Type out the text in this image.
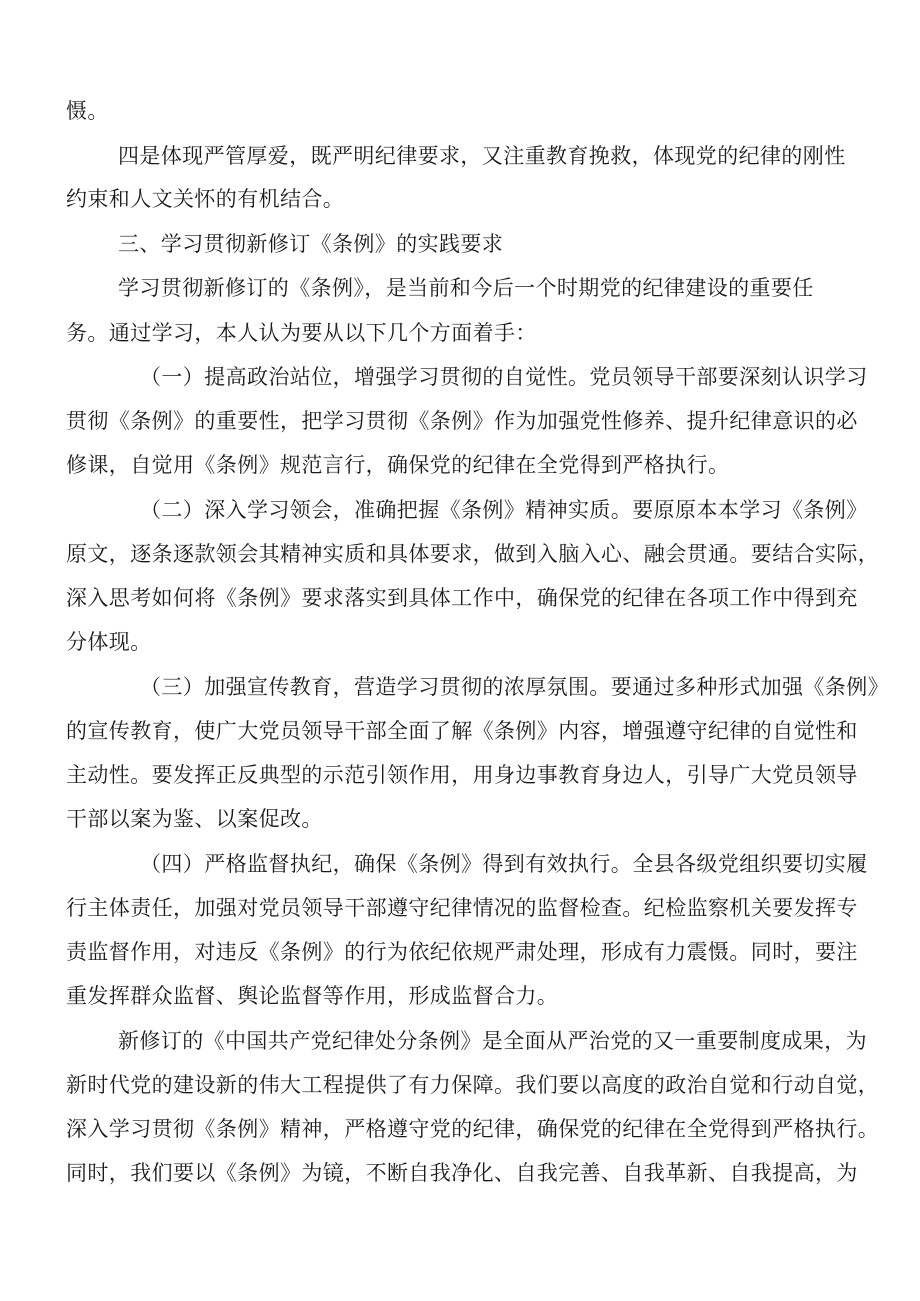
慑。
四是体现严管厚爱，既严明纪律要求，又注重教育挽救，体现党的纪律的刚性
约束和人文关怀的有机结合。
三、学习贯彻新修订《条例》的实践要求
学习贯彻新修订的《条例》，是当前和今后一个时期党的纪律建设的重要任
务。通过学习，本人认为要从以下几个方面着手：
（一）提高政治站位，增强学习贯彻的自觉性。党员领导干部要深刻认识学习
贯彻《条例》的重要性，把学习贯彻《条例》作为加强党性修养、提升纪律意识的必
修课，自觉用《条例》规范言行，确保党的纪律在全党得到严格执行。
（二）深入学习领会，准确把握《条例》精神实质。要原原本本学习《条例》
原文，逐条逐款领会其精神实质和具体要求，做到入脑入心、融会贯通。要结合实际，
深入思考如何将《条例》要求落实到具体工作中，确保党的纪律在各项工作中得到充
分体现。
（三）加强宣传教育，营造学习贯彻的浓厚氛围。要通过多种形式加强《条例》
的宣传教育，使广大党员领导干部全面了解《条例》内容，增强遵守纪律的自觉性和
主动性。要发挥正反典型的示范引领作用，用身边事教育身边人，引导广大党员领导
干部以案为鉴、以案促改。
（四）严格监督执纪，确保《条例》得到有效执行。全县各级党组织要切实履
行主体责任，加强对党员领导干部遵守纪律情况的监督检查。纪检监察机关要发挥专
责监督作用，对违反《条例》的行为依纪依规严肃处理，形成有力震慑。同时，要注
重发挥群众监督、舆论监督等作用，形成监督合力。
新修订的《中国共产党纪律处分条例》是全面从严治党的又一重要制度成果，为
新时代党的建设新的伟大工程提供了有力保障。我们要以高度的政治自觉和行动自觉，
深入学习贯彻《条例》精神，严格遵守党的纪律，确保党的纪律在全党得到严格执行。
同时，我们要以《条例》为镜，不断自我净化、自我完善、自我革新、自我提高，为
